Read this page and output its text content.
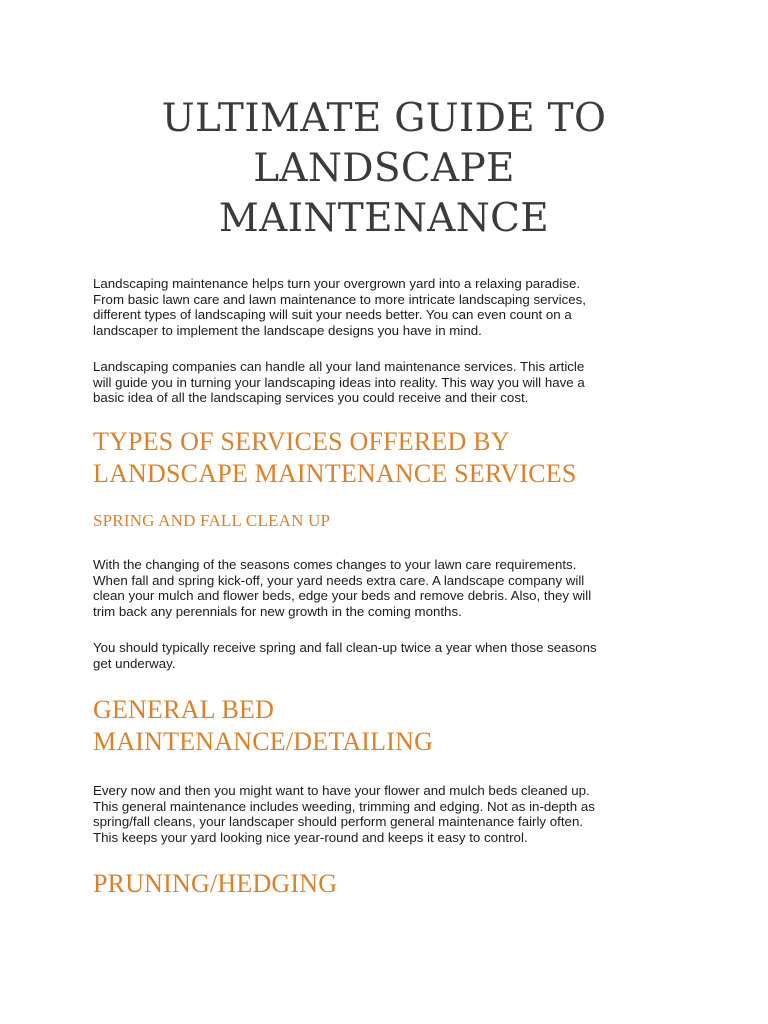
ULTIMATE GUIDE TO
LANDSCAPE
MAINTENANCE

Landscaping maintenance helps turn your overgrown yard into a relaxing paradise.
From basic lawn care and lawn maintenance to more intricate landscaping services,
different types of landscaping will suit your needs better. You can even count on a
landscaper to implement the landscape designs you have in mind.

Landscaping companies can handle all your land maintenance services. This article
will guide you in turning your landscaping ideas into reality. This way you will have a
basic idea of all the landscaping services you could receive and their cost.

TYPES OF SERVICES OFFERED BY
LANDSCAPE MAINTENANCE SERVICES
SPRING AND FALL CLEAN UP

With the changing of the seasons comes changes to your lawn care requirements.
When fall and spring kick-off, your yard needs extra care. A landscape company will
clean your mulch and flower beds, edge your beds and remove debris. Also, they will
trim back any perennials for new growth in the coming months.

You should typically receive spring and fall clean-up twice a year when those seasons
get underway.

GENERAL BED
MAINTENANCE/DETAILING

Every now and then you might want to have your flower and mulch beds cleaned up.
This general maintenance includes weeding, trimming and edging. Not as in-depth as
spring/fall cleans, your landscaper should perform general maintenance fairly often.
This keeps your yard looking nice year-round and keeps it easy to control.

PRUNING/HEDGING
